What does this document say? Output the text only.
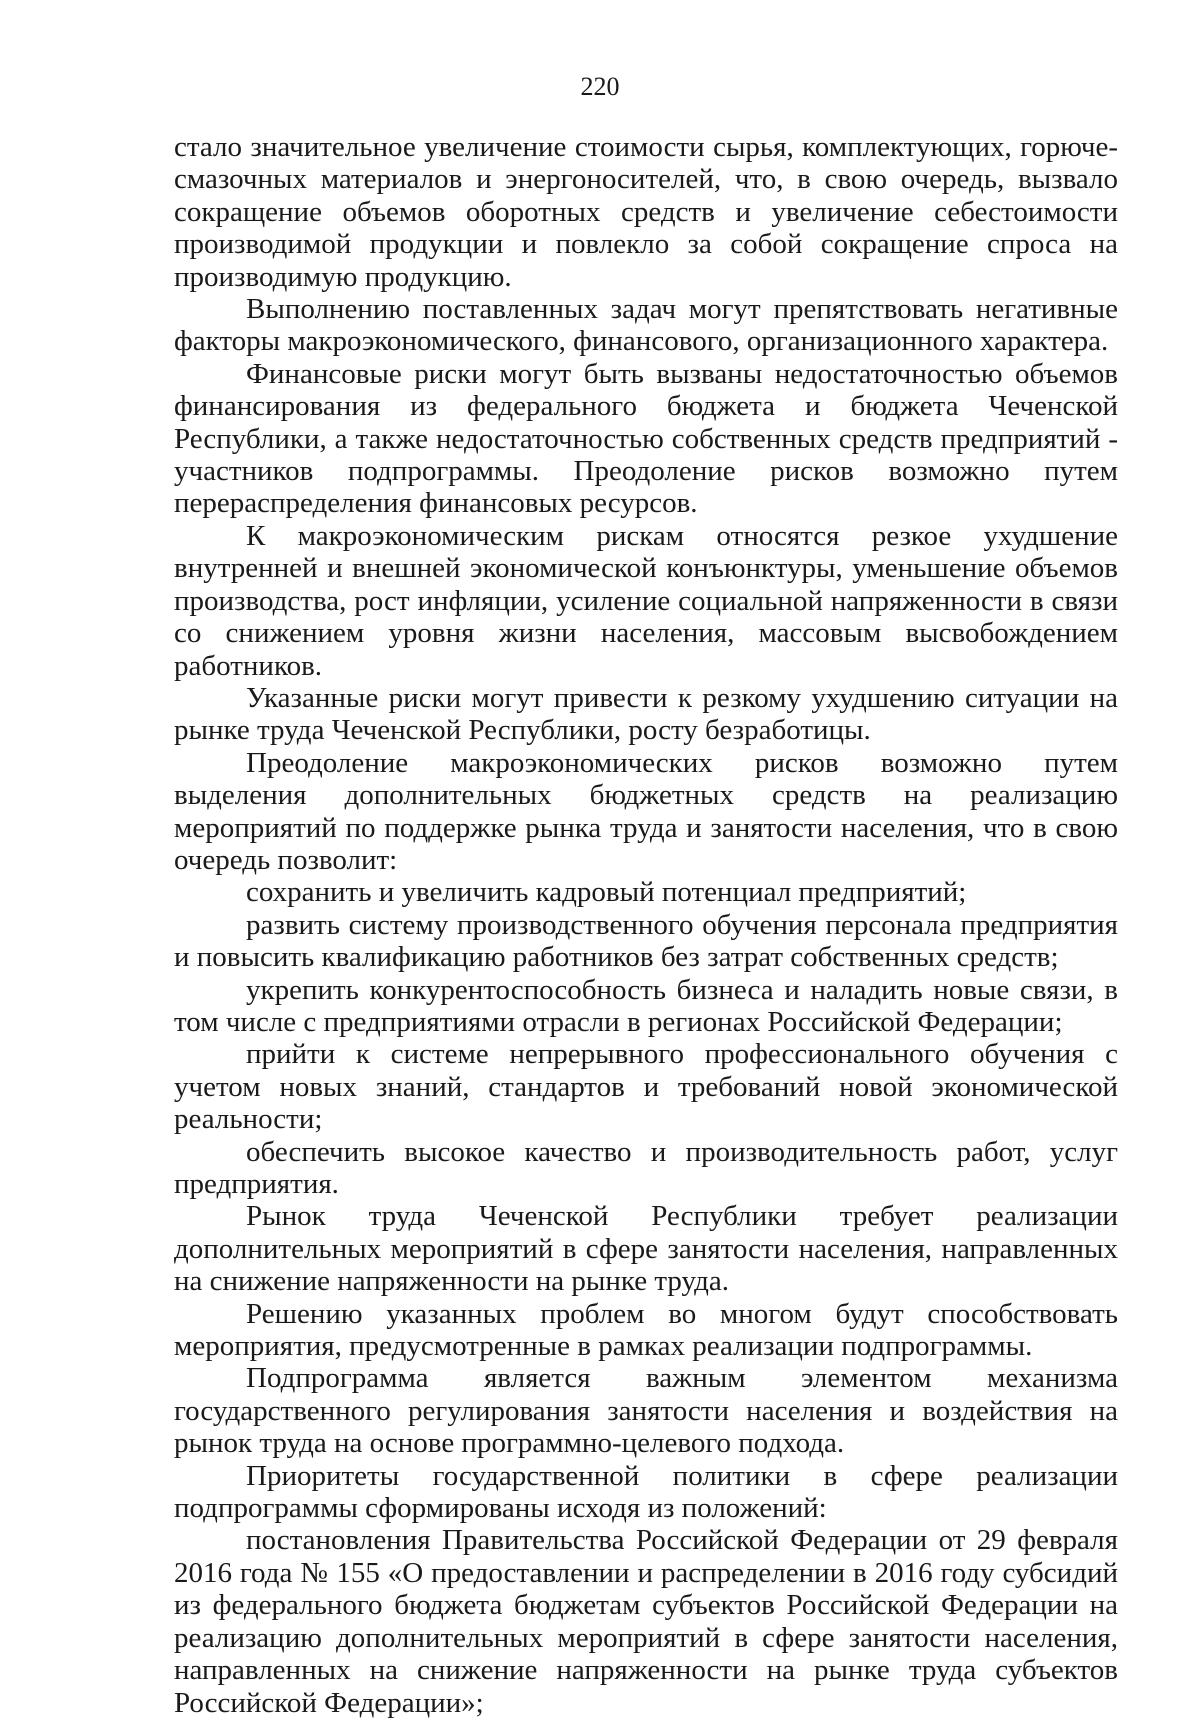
220

стало значительное увеличение стоимости сырья, комплектующих, горюче-смазочных материалов и энергоносителей, что, в свою очередь, вызвало сокращение объемов оборотных средств и увеличение себестоимости производимой продукции и повлекло за собой сокращение спроса на производимую продукцию.

Выполнению поставленных задач могут препятствовать негативные факторы макроэкономического, финансового, организационного характера.

Финансовые риски могут быть вызваны недостаточностью объемов финансирования из федерального бюджета и бюджета Чеченской Республики, а также недостаточностью собственных средств предприятий - участников подпрограммы. Преодоление рисков возможно путем перераспределения финансовых ресурсов.

К макроэкономическим рискам относятся резкое ухудшение внутренней и внешней экономической конъюнктуры, уменьшение объемов производства, рост инфляции, усиление социальной напряженности в связи со снижением уровня жизни населения, массовым высвобождением работников.

Указанные риски могут привести к резкому ухудшению ситуации на рынке труда Чеченской Республики, росту безработицы.

Преодоление макроэкономических рисков возможно путем выделения дополнительных бюджетных средств на реализацию мероприятий по поддержке рынка труда и занятости населения, что в свою очередь позволит:

сохранить и увеличить кадровый потенциал предприятий;

развить систему производственного обучения персонала предприятия и повысить квалификацию работников без затрат собственных средств;

укрепить конкурентоспособность бизнеса и наладить новые связи, в том числе с предприятиями отрасли в регионах Российской Федерации;

прийти к системе непрерывного профессионального обучения с учетом новых знаний, стандартов и требований новой экономической реальности;

обеспечить высокое качество и производительность работ, услуг предприятия.

Рынок труда Чеченской Республики требует реализации дополнительных мероприятий в сфере занятости населения, направленных на снижение напряженности на рынке труда.

Решению указанных проблем во многом будут способствовать мероприятия, предусмотренные в рамках реализации подпрограммы.

Подпрограмма является важным элементом механизма государственного регулирования занятости населения и воздействия на рынок труда на основе программно-целевого подхода.

Приоритеты государственной политики в сфере реализации подпрограммы сформированы исходя из положений:

постановления Правительства Российской Федерации от 29 февраля 2016 года № 155 «О предоставлении и распределении в 2016 году субсидий из федерального бюджета бюджетам субъектов Российской Федерации на реализацию дополнительных мероприятий в сфере занятости населения, направленных на снижение напряженности на рынке труда субъектов Российской Федерации»;
